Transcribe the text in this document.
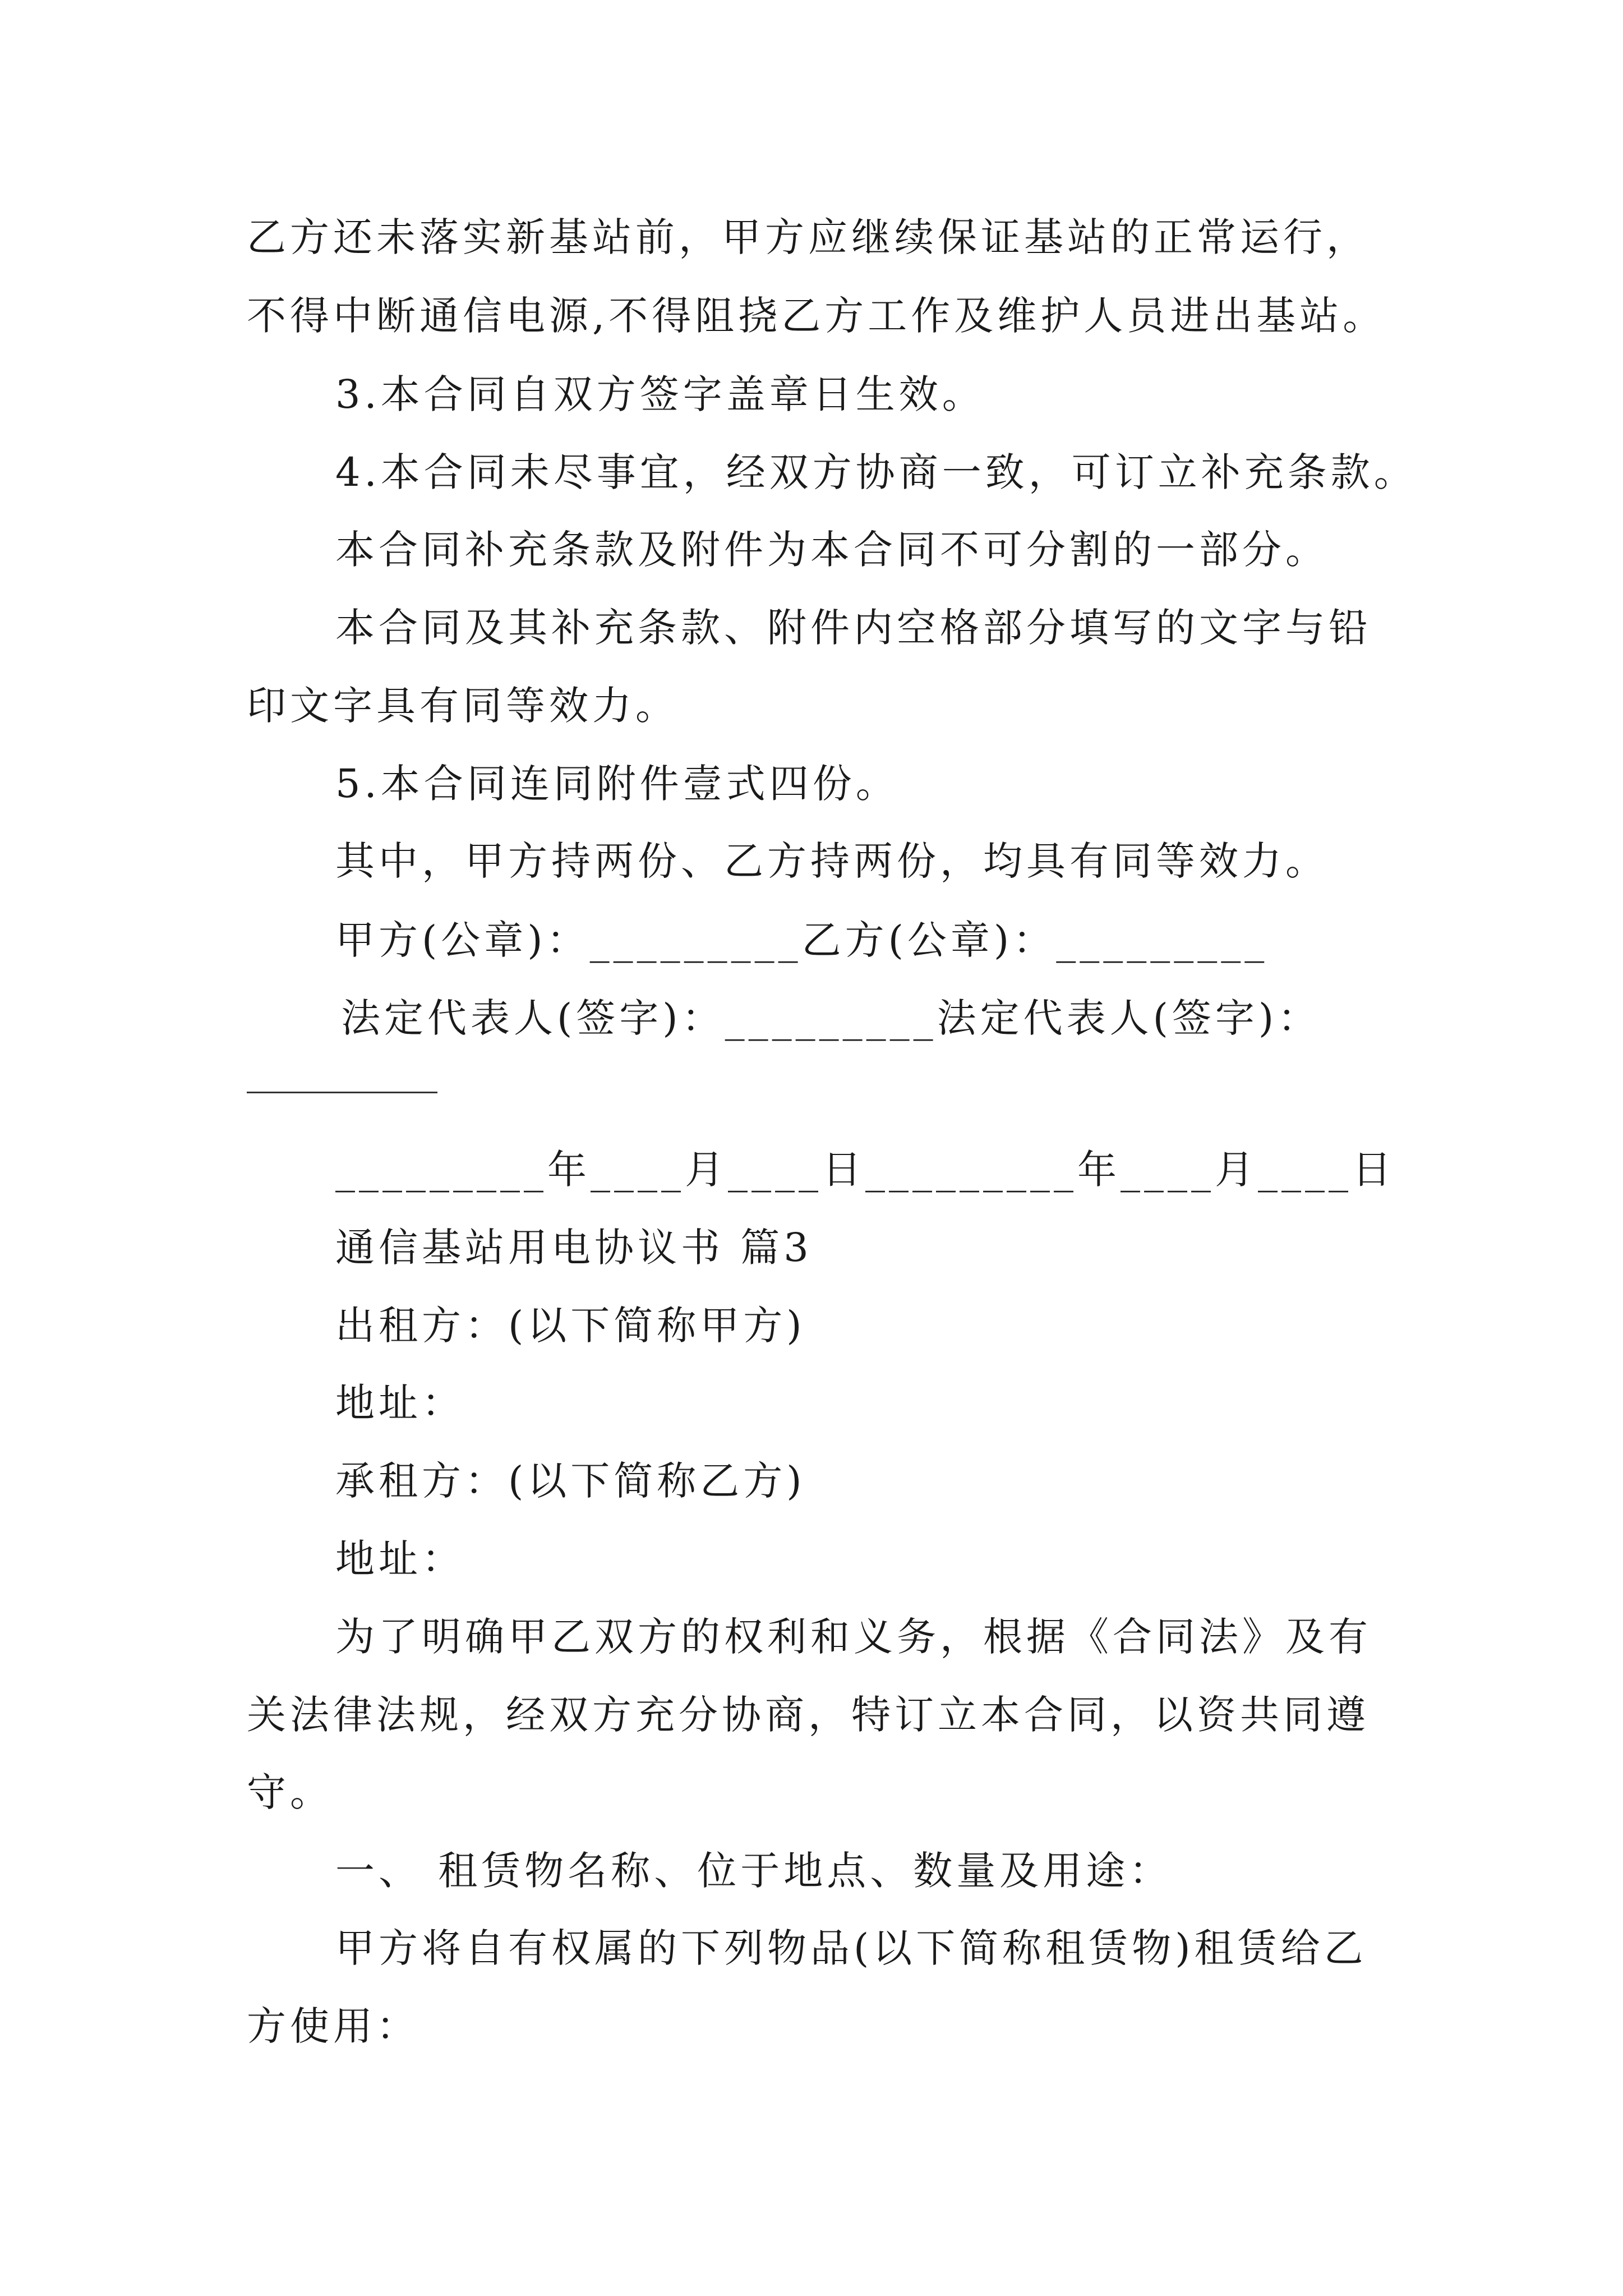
乙方还未落实新基站前，甲方应继续保证基站的正常运行，
不得中断通信电源,不得阻挠乙方工作及维护人员进出基站。
3.本合同自双方签字盖章日生效。
4.本合同未尽事宜，经双方协商一致，可订立补充条款。
本合同补充条款及附件为本合同不可分割的一部分。
本合同及其补充条款、附件内空格部分填写的文字与铅
印文字具有同等效力。
5.本合同连同附件壹式四份。
其中，甲方持两份、乙方持两份，均具有同等效力。
甲方(公章)：_________乙方(公章)：_________
法定代表人(签字)：_________法定代表人(签字)：
_________年____月____日_________年____月____日
通信基站用电协议书 篇3
出租方：(以下简称甲方)
地址：
承租方：(以下简称乙方)
地址：
为了明确甲乙双方的权利和义务，根据《合同法》及有
关法律法规，经双方充分协商，特订立本合同，以资共同遵
守。
一、 租赁物名称、位于地点、数量及用途：
甲方将自有权属的下列物品(以下简称租赁物)租赁给乙
方使用：
